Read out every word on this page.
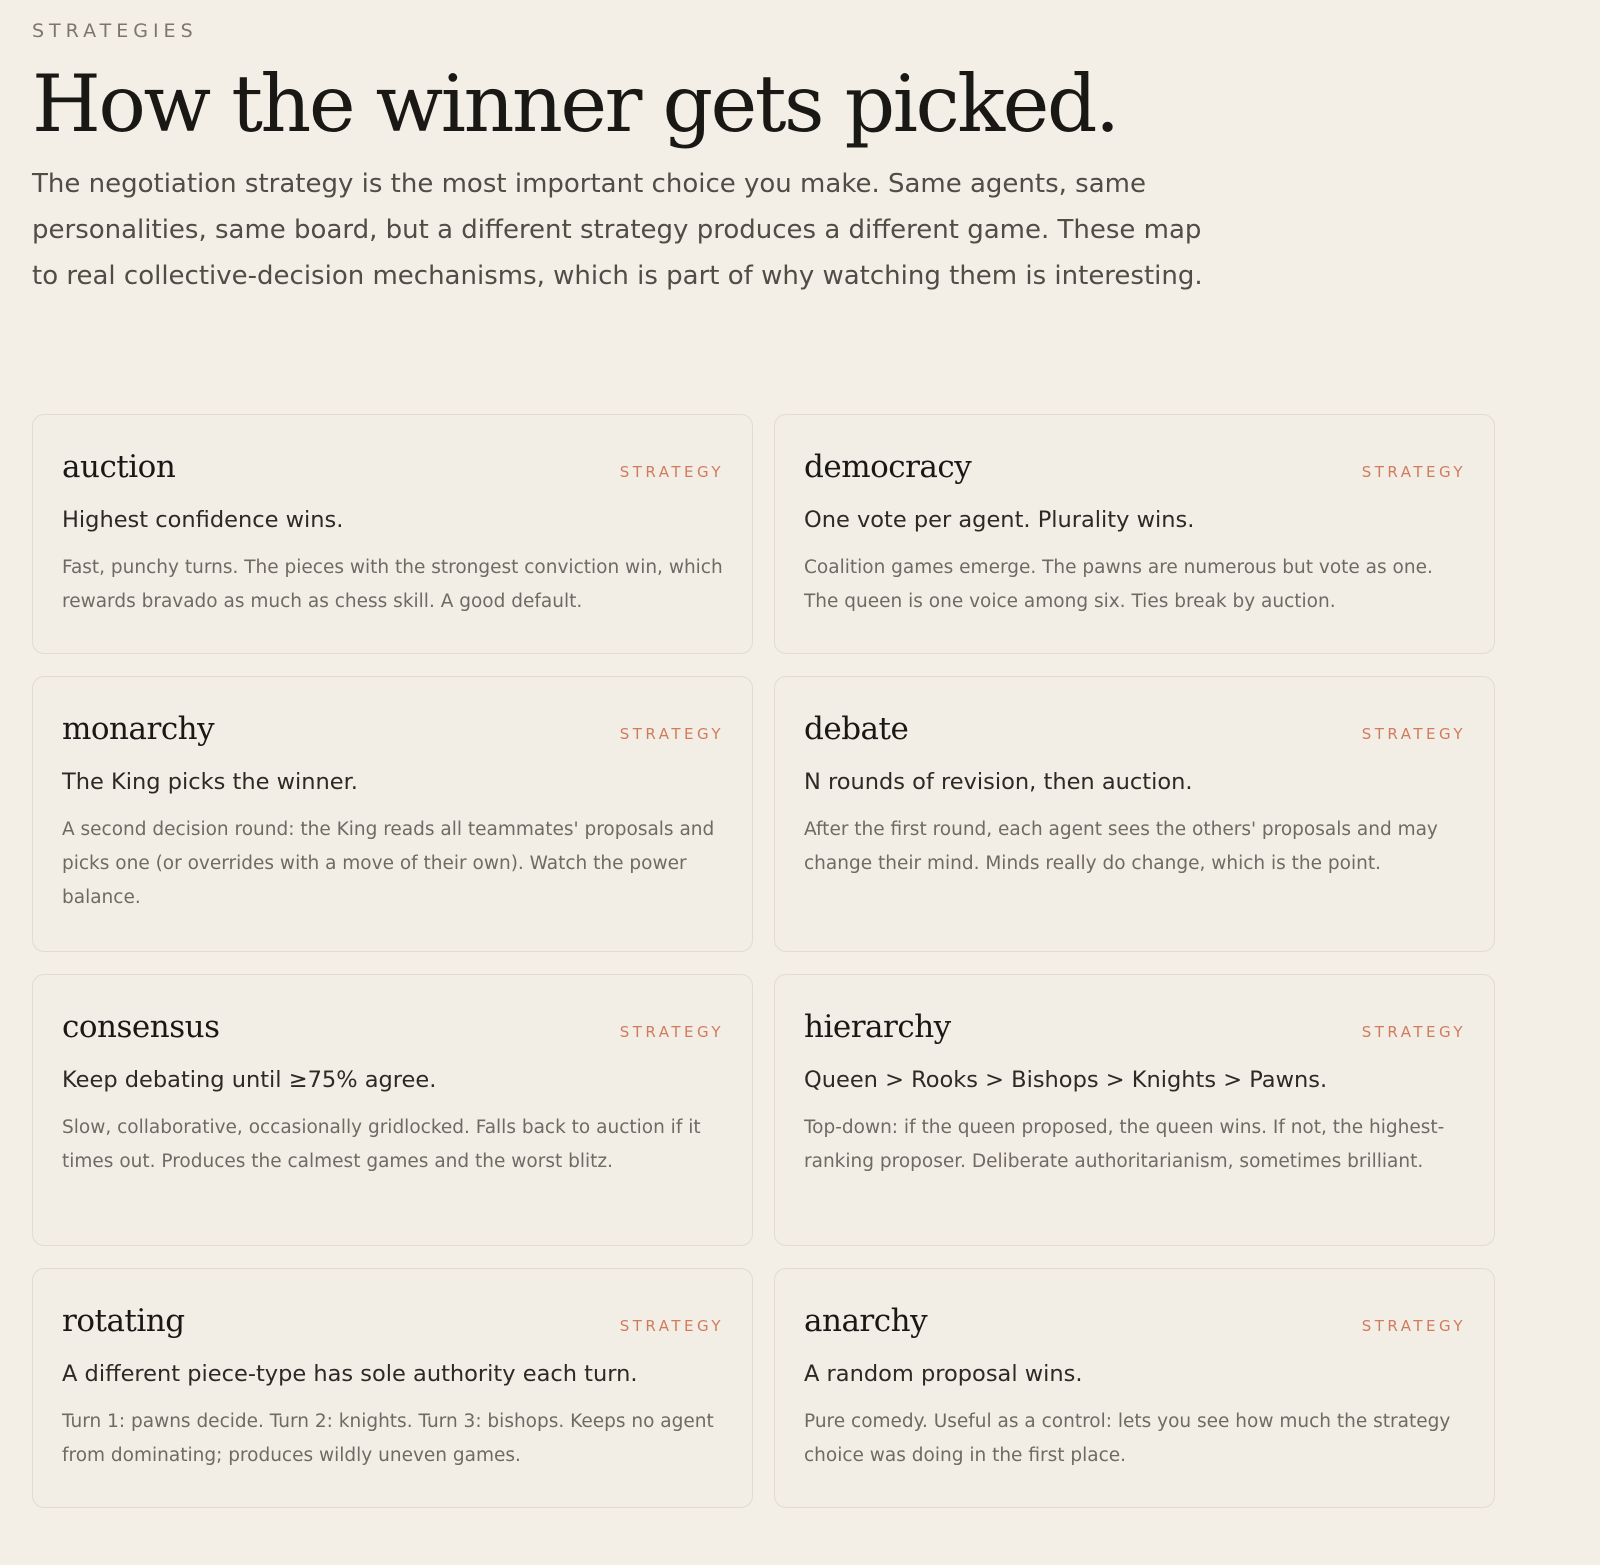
STRATEGIES
How the winner gets picked.

The negotiation strategy is the most important choice you make. Same agents, same personalities, same board, but a different strategy produces a different game. These map to real collective-decision mechanisms, which is part of why watching them is interesting.

auction	STRATEGY
Highest confidence wins.
Fast, punchy turns. The pieces with the strongest conviction win, which rewards bravado as much as chess skill. A good default.
democracy	STRATEGY
One vote per agent. Plurality wins.
Coalition games emerge. The pawns are numerous but vote as one. The queen is one voice among six. Ties break by auction.
monarchy	STRATEGY
The King picks the winner.
A second decision round: the King reads all teammates' proposals and picks one (or overrides with a move of their own). Watch the power balance.
debate	STRATEGY
N rounds of revision, then auction.
After the first round, each agent sees the others' proposals and may change their mind. Minds really do change, which is the point.
consensus	STRATEGY
Keep debating until ≥75% agree.
Slow, collaborative, occasionally gridlocked. Falls back to auction if it times out. Produces the calmest games and the worst blitz.
hierarchy	STRATEGY
Queen > Rooks > Bishops > Knights > Pawns.
Top-down: if the queen proposed, the queen wins. If not, the highest-ranking proposer. Deliberate authoritarianism, sometimes brilliant.
rotating	STRATEGY
A different piece-type has sole authority each turn.
Turn 1: pawns decide. Turn 2: knights. Turn 3: bishops. Keeps no agent from dominating; produces wildly uneven games.
anarchy	STRATEGY
A random proposal wins.
Pure comedy. Useful as a control: lets you see how much the strategy choice was doing in the first place.
